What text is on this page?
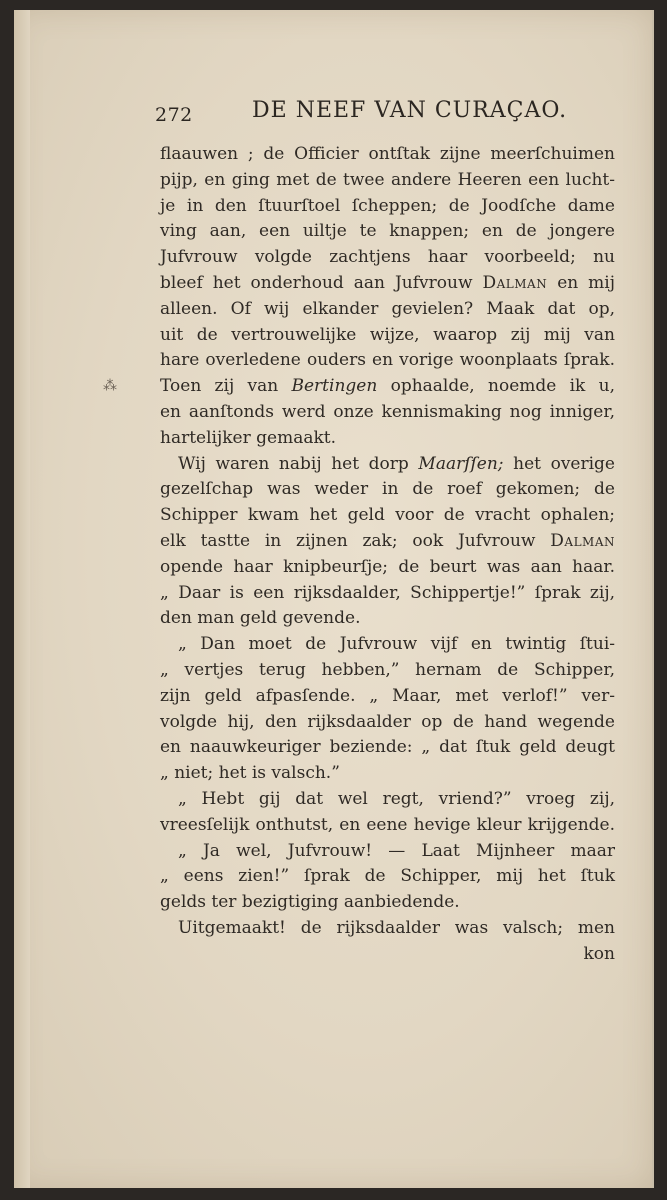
272	DE NEEF VAN CURAÇAO.
flaauwen ; de Officier ontſtak zijne meerſchuimen
pijp, en ging met de twee andere Heeren een lucht-
je in den ſtuurſtoel ſcheppen; de Joodſche dame
ving aan, een uiltje te knappen; en de jongere
Jufvrouw volgde zachtjens haar voorbeeld; nu
bleef het onderhoud aan Jufvrouw Dalman en mij
alleen. Of wij elkander gevielen? Maak dat op,
uit de vertrouwelijke wijze, waarop zij mij van
hare overledene ouders en vorige woonplaats ſprak.
Toen zij van Bertingen ophaalde, noemde ik u,
en aanſtonds werd onze kennismaking nog inniger,
hartelijker gemaakt.
Wij waren nabij het dorp Maarſſen; het overige
gezelſchap was weder in de roef gekomen; de
Schipper kwam het geld voor de vracht ophalen;
elk tastte in zijnen zak; ook Jufvrouw Dalman
opende haar knipbeurſje; de beurt was aan haar.
„ Daar is een rijksdaalder, Schippertje!” ſprak zij,
den man geld gevende.
„ Dan moet de Jufvrouw vijf en twintig ſtui-
„ vertjes terug hebben,” hernam de Schipper,
zijn geld afpasſende. „ Maar, met verlof!” ver-
volgde hij, den rijksdaalder op de hand wegende
en naauwkeuriger beziende: „ dat ſtuk geld deugt
„ niet; het is valsch.”
„ Hebt gij dat wel regt, vriend?” vroeg zij,
vreesſelijk onthutst, en eene hevige kleur krijgende.
„ Ja wel, Jufvrouw! — Laat Mijnheer maar
„ eens zien!” ſprak de Schipper, mij het ſtuk
gelds ter bezigtiging aanbiedende.
Uitgemaakt! de rijksdaalder was valsch; men
kon
⁂
